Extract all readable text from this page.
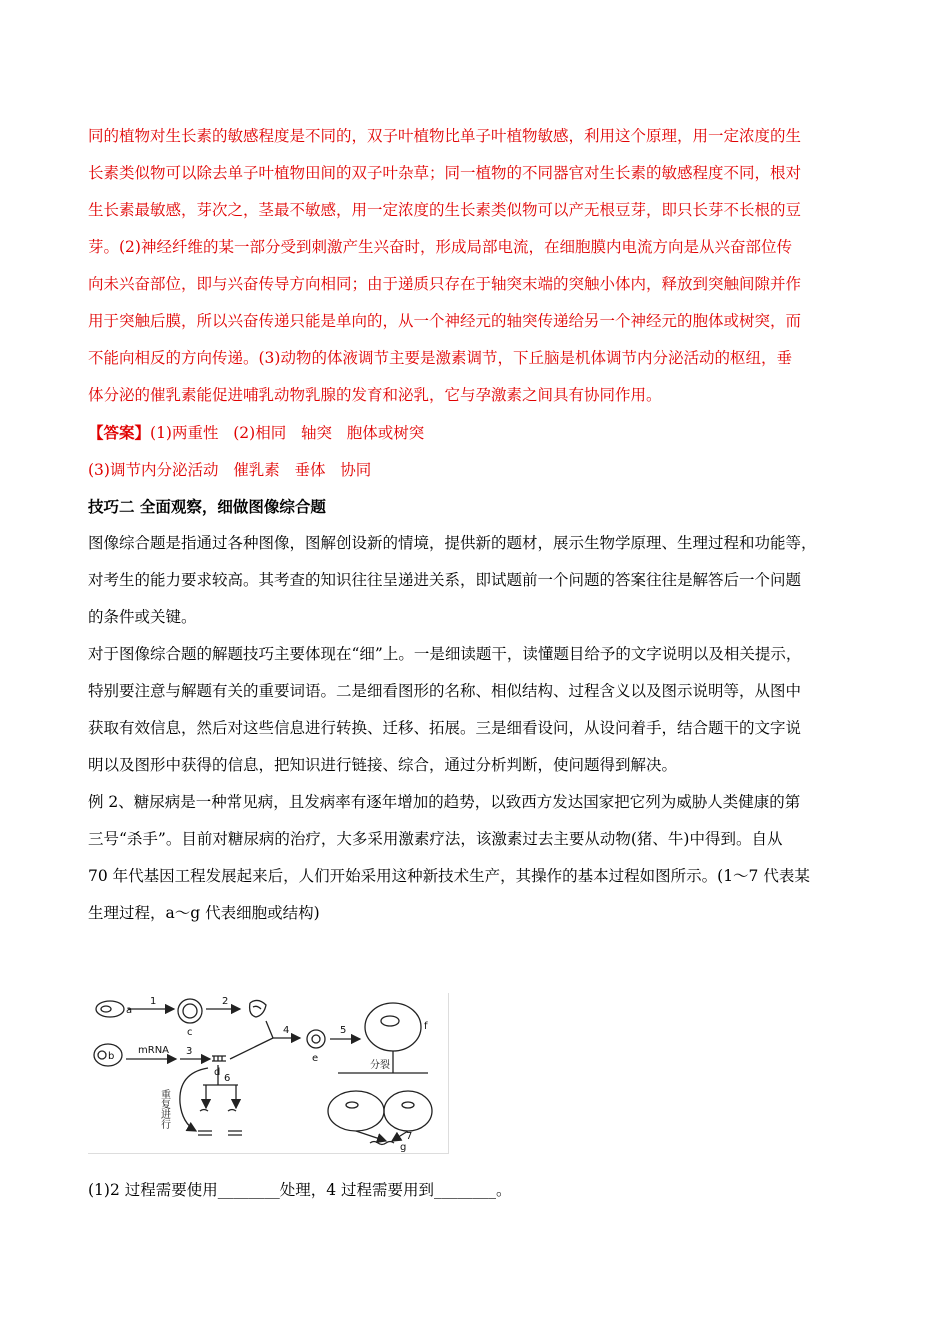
同的植物对生长素的敏感程度是不同的，双子叶植物比单子叶植物敏感，利用这个原理，用一定浓度的生
长素类似物可以除去单子叶植物田间的双子叶杂草；同一植物的不同器官对生长素的敏感程度不同，根对
生长素最敏感，芽次之，茎最不敏感，用一定浓度的生长素类似物可以产无根豆芽，即只长芽不长根的豆
芽。(2)神经纤维的某一部分受到刺激产生兴奋时，形成局部电流，在细胞膜内电流方向是从兴奋部位传
向未兴奋部位，即与兴奋传导方向相同；由于递质只存在于轴突末端的突触小体内，释放到突触间隙并作
用于突触后膜，所以兴奋传递只能是单向的，从一个神经元的轴突传递给另一个神经元的胞体或树突，而
不能向相反的方向传递。(3)动物的体液调节主要是激素调节，下丘脑是机体调节内分泌活动的枢纽，垂
体分泌的催乳素能促进哺乳动物乳腺的发育和泌乳，它与孕激素之间具有协同作用。

【答案】(1)两重性   (2)相同   轴突   胞体或树突
(3)调节内分泌活动   催乳素   垂体   协同

技巧二 全面观察，细做图像综合题

图像综合题是指通过各种图像，图解创设新的情境，提供新的题材，展示生物学原理、生理过程和功能等，
对考生的能力要求较高。其考查的知识往往呈递进关系，即试题前一个问题的答案往往是解答后一个问题
的条件或关键。

对于图像综合题的解题技巧主要体现在“细”上。一是细读题干，读懂题目给予的文字说明以及相关提示，
特别要注意与解题有关的重要词语。二是细看图形的名称、相似结构、过程含义以及图示说明等，从图中
获取有效信息，然后对这些信息进行转换、迁移、拓展。三是细看设问，从设问着手，结合题干的文字说
明以及图形中获得的信息，把知识进行链接、综合，通过分析判断，使问题得到解决。

例 2、糖尿病是一种常见病，且发病率有逐年增加的趋势，以致西方发达国家把它列为威胁人类健康的第
三号“杀手”。目前对糖尿病的治疗，大多采用激素疗法，该激素过去主要从动物(猪、牛)中得到。自从
70 年代基因工程发展起来后，人们开始采用这种新技术生产，其操作的基本过程如图所示。(1～7 代表某
生理过程，a～g 代表细胞或结构)

a
1
c
2
b
mRNA 3
d
4
e
5	f
分裂
6
7
g
重复进行
(1)2 过程需要使用________处理，4 过程需要用到________。
